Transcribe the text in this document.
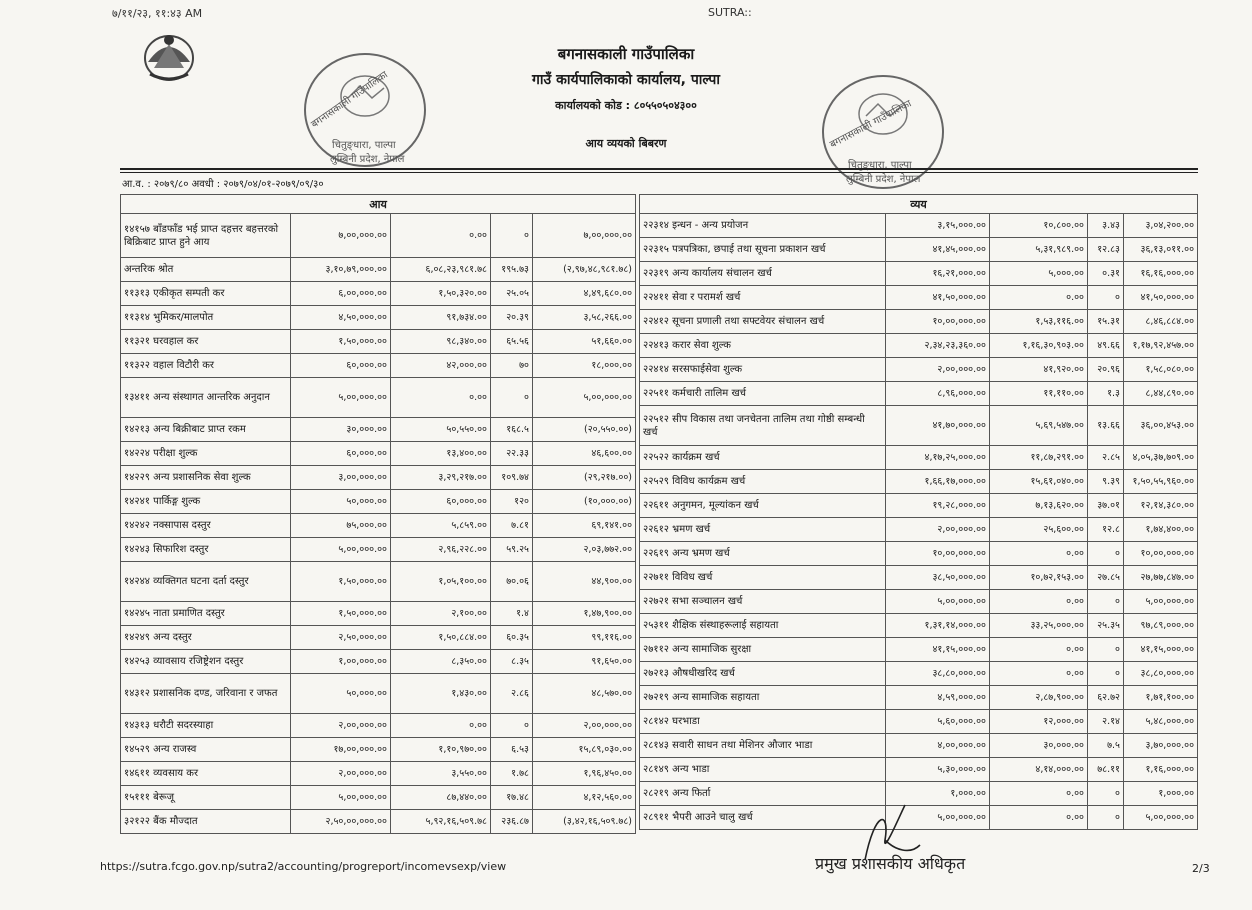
७/११/२३, ११:४३ AM	SUTRA::
बगनासकाली गाउँपालिका
गाउँ कार्यपालिकाको कार्यालय, पाल्पा
कार्यालयको कोड : ८०५५०५०४३००
आय व्ययको बिबरण
बगनासकाली गाउँपालिका
चितुङ्धारा, पाल्पा
लुम्बिनी प्रदेश, नेपाल
बगनासकाली गाउँपालिका
चितुङ्धारा, पाल्पा
लुम्बिनी प्रदेश, नेपाल
आ.व. : २०७९/८० अवधी : २०७९/०४/०१-२०७९/०९/३०
आय				
१४१५७ बाँडफाँड भई प्राप्त दहत्तर बहत्तरको बिक्रिबाट प्राप्त हुने आय	७,००,०००.००	०.००	०	७,००,०००.००
अन्तरिक श्रोत	३,१०,७९,०००.००	६,०८,२३,९८१.७८	१९५.७३	(२,९७,४८,९८१.७८)
११३१३ एकीकृत सम्पती कर	६,००,०००.००	१,५०,३२०.००	२५.०५	४,४९,६८०.००
११३१४ भुमिकर/मालपोत	४,५०,०००.००	९१,७३४.००	२०.३९	३,५८,२६६.००
११३२१ घरवहाल कर	१,५०,०००.००	९८,३४०.००	६५.५६	५१,६६०.००
११३२२ वहाल विटौरी कर	६०,०००.००	४२,०००.००	७०	१८,०००.००
१३४११ अन्य संस्थागत आन्तरिक अनुदान	५,००,०००.००	०.००	०	५,००,०००.००
१४२१३ अन्य बिक्रीबाट प्राप्त रकम	३०,०००.००	५०,५५०.००	१६८.५	(२०,५५०.००)
१४२२४ परीक्षा शुल्क	६०,०००.००	१३,४००.००	२२.३३	४६,६००.००
१४२२९ अन्य प्रशासनिक सेवा शुल्क	३,००,०००.००	३,२९,२१७.००	१०९.७४	(२९,२१७.००)
१४२४१ पार्किङ्ग शुल्क	५०,०००.००	६०,०००.००	१२०	(१०,०००.००)
१४२४२ नक्सापास दस्तुर	७५,०००.००	५,८५९.००	७.८१	६९,१४१.००
१४२४३ सिफारिश दस्तुर	५,००,०००.००	२,९६,२२८.००	५९.२५	२,०३,७७२.००
१४२४४ व्यक्तिगत घटना दर्ता दस्तुर	१,५०,०००.००	१,०५,१००.००	७०.०६	४४,९००.००
१४२४५ नाता प्रमाणित दस्तुर	१,५०,०००.००	२,१००.००	१.४	१,४७,९००.००
१४२४९ अन्य दस्तुर	२,५०,०००.००	१,५०,८८४.००	६०.३५	९९,११६.००
१४२५३ व्यावसाय रजिष्ट्रेशन दस्तुर	१,००,०००.००	८,३५०.००	८.३५	९१,६५०.००
१४३१२ प्रशासनिक दण्ड, जरिवाना र जफत	५०,०००.००	१,४३०.००	२.८६	४८,५७०.००
१४३१३ धरौटी सदरस्याहा	२,००,०००.००	०.००	०	२,००,०००.००
१४५२९ अन्य राजस्व	१७,००,०००.००	१,१०,९७०.००	६.५३	१५,८९,०३०.००
१४६११ व्यवसाय कर	२,००,०००.००	३,५५०.००	१.७८	१,९६,४५०.००
१५१११ बेरूजू	५,००,०००.००	८७,४४०.००	१७.४८	४,१२,५६०.००
३२१२२ बैंक मौज्दात	२,५०,००,०००.००	५,९२,१६,५०९.७८	२३६.८७	(३,४२,१६,५०९.७८)
व्यय				
२२३१४ इन्धन - अन्य प्रयोजन	३,१५,०००.००	१०,८००.००	३.४३	३,०४,२००.००
२२३१५ पत्रपत्रिका, छपाई तथा सूचना प्रकाशन खर्च	४१,४५,०००.००	५,३१,९८९.००	१२.८३	३६,१३,०११.००
२२३१९ अन्य कार्यालय संचालन खर्च	१६,२१,०००.००	५,०००.००	०.३१	१६,१६,०००.००
२२४११ सेवा र परामर्श खर्च	४१,५०,०००.००	०.००	०	४१,५०,०००.००
२२४१२ सूचना प्रणाली तथा सफ्टवेयर संचालन खर्च	१०,००,०००.००	१,५३,११६.००	१५.३१	८,४६,८८४.००
२२४१३ करार सेवा शुल्क	२,३४,२३,३६०.००	१,१६,३०,९०३.००	४९.६६	१,१७,९२,४५७.००
२२४१४ सरसफाईसेवा शुल्क	२,००,०००.००	४१,९२०.००	२०.९६	१,५८,०८०.००
२२५११ कर्मचारी तालिम खर्च	८,९६,०००.००	११,११०.००	१.३	८,४४,८९०.००
२२५१२ सीप विकास तथा जनचेतना तालिम तथा गोष्ठी सम्बन्धी खर्च	४१,७०,०००.००	५,६९,५४७.००	१३.६६	३६,००,४५३.००
२२५२२ कार्यक्रम खर्च	४,१७,२५,०००.००	११,८७,२९१.००	२.८५	४,०५,३७,७०९.००
२२५२९ विविध कार्यक्रम खर्च	१,६६,१७,०००.००	१५,६१,०४०.००	९.३९	१,५०,५५,९६०.००
२२६११ अनुगमन, मूल्यांकन खर्च	१९,२८,०००.००	७,१३,६२०.००	३७.०१	१२,१४,३८०.००
२२६१२ भ्रमण खर्च	२,००,०००.००	२५,६००.००	१२.८	१,७४,४००.००
२२६१९ अन्य भ्रमण खर्च	१०,००,०००.००	०.००	०	१०,००,०००.००
२२७११ विविध खर्च	३८,५०,०००.००	१०,७२,१५३.००	२७.८५	२७,७७,८४७.००
२२७२१ सभा सञ्चालन खर्च	५,००,०००.००	०.००	०	५,००,०००.००
२५३११ शैक्षिक संस्थाहरूलाई सहायता	१,३१,१४,०००.००	३३,२५,०००.००	२५.३५	९७,८९,०००.००
२७११२ अन्य सामाजिक सुरक्षा	४१,१५,०००.००	०.००	०	४१,१५,०००.००
२७२१३ औषधीखरिद खर्च	३८,८०,०००.००	०.००	०	३८,८०,०००.००
२७२१९ अन्य सामाजिक सहायता	४,५९,०००.००	२,८७,९००.००	६२.७२	१,७१,१००.००
२८१४२ घरभाडा	५,६०,०००.००	१२,०००.००	२.१४	५,४८,०००.००
२८१४३ सवारी साधन तथा मेशिनर औजार भाडा	४,००,०००.००	३०,०००.००	७.५	३,७०,०००.००
२८१४९ अन्य भाडा	५,३०,०००.००	४,१४,०००.००	७८.११	१,१६,०००.००
२८२१९ अन्य फिर्ता	१,०००.००	०.००	०	१,०००.००
२८९११ भैपरी आउने चालु खर्च	५,००,०००.००	०.००	०	५,००,०००.००
प्रमुख प्रशासकीय अधिकृत
https://sutra.fcgo.gov.np/sutra2/accounting/progreport/incomevsexp/view	2/3
